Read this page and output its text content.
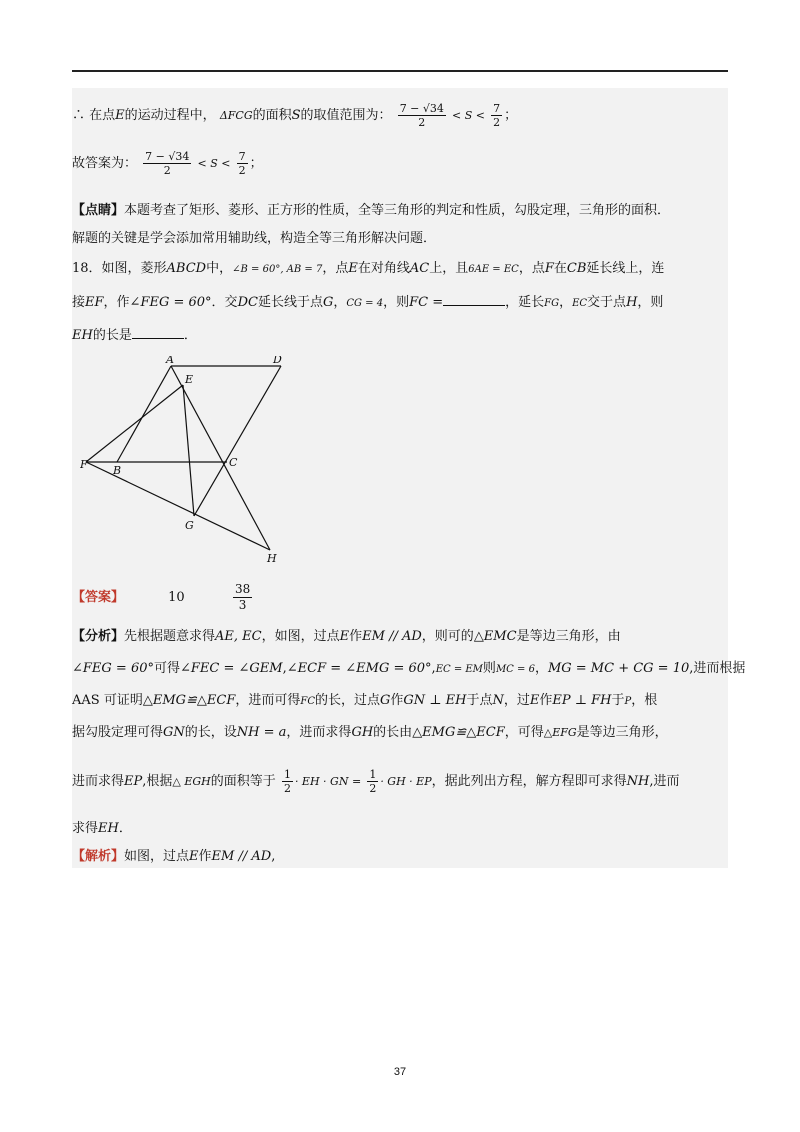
∴ 在点E的运动过程中， ΔFCG的面积S的取值范围为： $\frac{7 - √34}{2} < S < \frac{7}{2}$ ；
故答案为： $\frac{7 - √34}{2} < S < \frac{7}{2}$ ；
【点睛】本题考查了矩形、菱形、正方形的性质，全等三角形的判定和性质，勾股定理，三角形的面积．
解题的关键是学会添加常用辅助线，构造全等三角形解决问题．
18．如图，菱形ABCD中，∠B = 60°, AB = 7，点E在对角线AC上，且6AE = EC，点F在CB延长线上，连
接EF，作∠FEG = 60°．交DC延长线于点G，CG = 4，则FC =	，延长FG，EC交于点H，则
EH的长是	．
A	D
E
F B
C
G
H
【答案】	10	$\frac{38}{3}$
【分析】先根据题意求得AE, EC，如图，过点E作EM // AD，则可的△EMC是等边三角形，由
∠FEG = 60°可得∠FEC = ∠GEM,∠ECF = ∠EMG = 60°,EC = EM则MC = 6，MG = MC + CG = 10,进而根据
AAS 可证明△EMG≌△ECF，进而可得FC的长，过点G作GN ⊥ EH于点N，过E作EP ⊥ FH于P，根
据勾股定理可得GN的长，设NH = a，进而求得GH的长由△EMG≌△ECF，可得△EFG是等边三角形，
进而求得EP,根据△ EGH的面积等于 $\frac{1}{2}$ · EH · GN = $\frac{1}{2}$ · GH · EP，据此列出方程，解方程即可求得NH,进而
求得EH．
【解析】如图，过点E作EM // AD,
37
